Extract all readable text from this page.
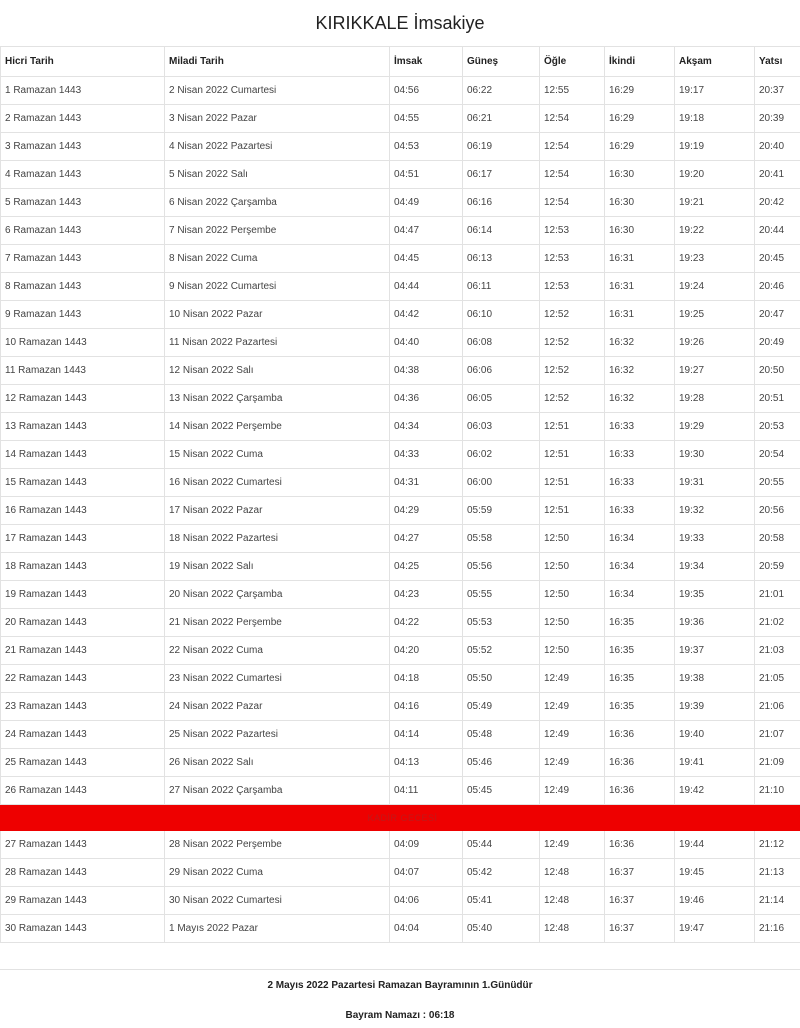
KIRIKKALE İmsakiye
Hicri Tarih	Miladi Tarih	İmsak	Güneş	Öğle	İkindi	Akşam	Yatsı
1 Ramazan 1443	2 Nisan 2022 Cumartesi	04:56	06:22	12:55	16:29	19:17	20:37
2 Ramazan 1443	3 Nisan 2022 Pazar	04:55	06:21	12:54	16:29	19:18	20:39
3 Ramazan 1443	4 Nisan 2022 Pazartesi	04:53	06:19	12:54	16:29	19:19	20:40
4 Ramazan 1443	5 Nisan 2022 Salı	04:51	06:17	12:54	16:30	19:20	20:41
5 Ramazan 1443	6 Nisan 2022 Çarşamba	04:49	06:16	12:54	16:30	19:21	20:42
6 Ramazan 1443	7 Nisan 2022 Perşembe	04:47	06:14	12:53	16:30	19:22	20:44
7 Ramazan 1443	8 Nisan 2022 Cuma	04:45	06:13	12:53	16:31	19:23	20:45
8 Ramazan 1443	9 Nisan 2022 Cumartesi	04:44	06:11	12:53	16:31	19:24	20:46
9 Ramazan 1443	10 Nisan 2022 Pazar	04:42	06:10	12:52	16:31	19:25	20:47
10 Ramazan 1443	11 Nisan 2022 Pazartesi	04:40	06:08	12:52	16:32	19:26	20:49
11 Ramazan 1443	12 Nisan 2022 Salı	04:38	06:06	12:52	16:32	19:27	20:50
12 Ramazan 1443	13 Nisan 2022 Çarşamba	04:36	06:05	12:52	16:32	19:28	20:51
13 Ramazan 1443	14 Nisan 2022 Perşembe	04:34	06:03	12:51	16:33	19:29	20:53
14 Ramazan 1443	15 Nisan 2022 Cuma	04:33	06:02	12:51	16:33	19:30	20:54
15 Ramazan 1443	16 Nisan 2022 Cumartesi	04:31	06:00	12:51	16:33	19:31	20:55
16 Ramazan 1443	17 Nisan 2022 Pazar	04:29	05:59	12:51	16:33	19:32	20:56
17 Ramazan 1443	18 Nisan 2022 Pazartesi	04:27	05:58	12:50	16:34	19:33	20:58
18 Ramazan 1443	19 Nisan 2022 Salı	04:25	05:56	12:50	16:34	19:34	20:59
19 Ramazan 1443	20 Nisan 2022 Çarşamba	04:23	05:55	12:50	16:34	19:35	21:01
20 Ramazan 1443	21 Nisan 2022 Perşembe	04:22	05:53	12:50	16:35	19:36	21:02
21 Ramazan 1443	22 Nisan 2022 Cuma	04:20	05:52	12:50	16:35	19:37	21:03
22 Ramazan 1443	23 Nisan 2022 Cumartesi	04:18	05:50	12:49	16:35	19:38	21:05
23 Ramazan 1443	24 Nisan 2022 Pazar	04:16	05:49	12:49	16:35	19:39	21:06
24 Ramazan 1443	25 Nisan 2022 Pazartesi	04:14	05:48	12:49	16:36	19:40	21:07
25 Ramazan 1443	26 Nisan 2022 Salı	04:13	05:46	12:49	16:36	19:41	21:09
26 Ramazan 1443	27 Nisan 2022 Çarşamba	04:11	05:45	12:49	16:36	19:42	21:10
KADİR GECESİ							
27 Ramazan 1443	28 Nisan 2022 Perşembe	04:09	05:44	12:49	16:36	19:44	21:12
28 Ramazan 1443	29 Nisan 2022 Cuma	04:07	05:42	12:48	16:37	19:45	21:13
29 Ramazan 1443	30 Nisan 2022 Cumartesi	04:06	05:41	12:48	16:37	19:46	21:14
30 Ramazan 1443	1 Mayıs 2022 Pazar	04:04	05:40	12:48	16:37	19:47	21:16
2 Mayıs 2022 Pazartesi Ramazan Bayramının 1.Günüdür
Bayram Namazı : 06:18
